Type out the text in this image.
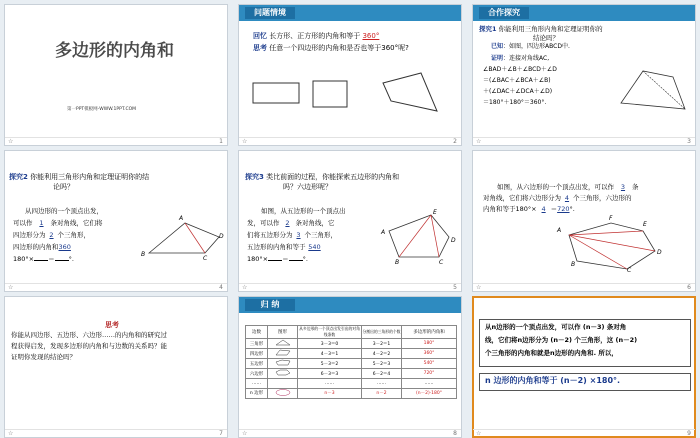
多边形的内角和
第一PPT模板网-WWW.1PPT.COM
☆	1
问题情境
回忆 长方形、正方形的内角和等于 360°
思考 任意一个四边形的内角和是否也等于360°呢?
☆	2
合作探究
探究1 你能利用三角形内角和定理证明你的
结论吗？
已知：如图，四边形ABCD中.
证明：连接对角线AC,
∠BAD＋∠B＋∠BCD＋∠D
＝(∠BAC＋∠BCA＋∠B)
＋(∠DAC＋∠DCA＋∠D)
＝180°＋180°＝360°.
☆	3
探究2 你能利用三角形内角和定理证明你的结
论吗？
从四边形的一个顶点出发，
可以作 1 条对角线，它们将
四边形分为 2 个三角形，
四边形的内角和360
180°× ＝ °.
A
B
C
D
☆	4
探究3 类比前面的过程，你能探索五边形的内角和
吗？六边形呢？
如图，从五边形的一个顶点出
发，可以作 2 条对角线，它
们将五边形分为 3 个三角形，
五边形的内角和等于 540
180°× ＝ °.
E
A
D
B	C
☆	5
如图，从六边形的一个顶点出发，可以作 3 条
对角线，它们将六边形分为 4 个三角形，六边形的
内角和等于180°× 4 ＝720°.
A
F
E
D
C
B
☆	6
思考
你能从四边形、五边形、六边形……的内角和的研究过
程获得启发，发现多边形的内角和与边数的关系吗？能
证明你发现的结论吗？
☆	7
归 纳
边数	图形	从多边形的一个顶点出发引出的对角线条数	分割出的三角形的个数	多边形的内角和
三角形		3－3＝0	3－2＝1	180°
四边形		4－3＝1	4－2＝2	360°
五边形		5－3＝2	5－2＝3	540°
六边形		6－3＝3	6－2＝4	720°
……		……	……	……
n 边形		n－3	n－2	(n－2)·180°
☆	8
从n边形的一个顶点出发，可以作 (n－3) 条对角
线，它们将n边形分为 (n－2) 个三角形，这 (n－2)
个三角形的内角和就是n边形的内角和. 所以，
n 边形的内角和等于 (n－2) ×180°.
☆	9
